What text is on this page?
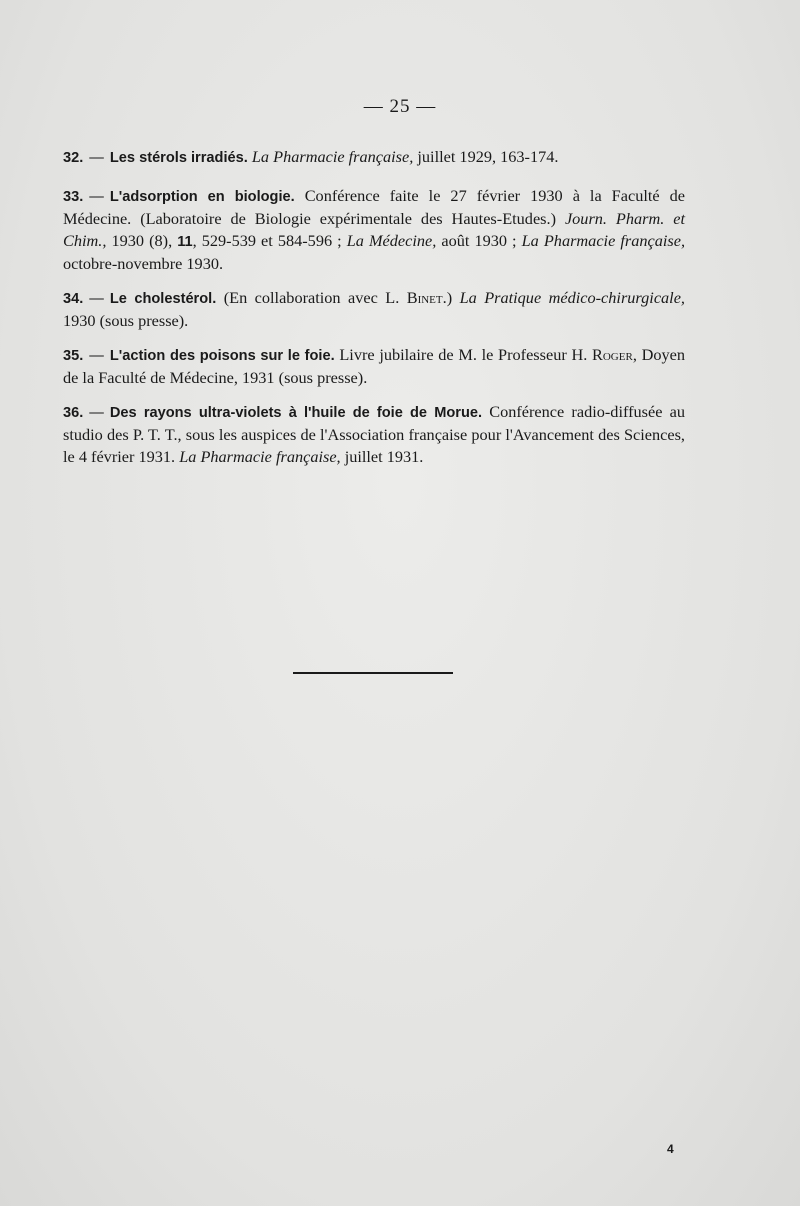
— 25 —

32. — Les stérols irradiés. La Pharmacie française, juillet 1929, 163-174.

33. — L'adsorption en biologie. Conférence faite le 27 février 1930 à la Faculté de Médecine. (Laboratoire de Biologie expérimentale des Hautes-Etudes.) Journ. Pharm. et Chim., 1930 (8), 11, 529-539 et 584-596 ; La Médecine, août 1930 ; La Pharmacie française, octobre-novembre 1930.

34. — Le cholestérol. (En collaboration avec L. Binet.) La Pratique médico-chirurgicale, 1930 (sous presse).

35. — L'action des poisons sur le foie. Livre jubilaire de M. le Professeur H. Roger, Doyen de la Faculté de Médecine, 1931 (sous presse).

36. — Des rayons ultra-violets à l'huile de foie de Morue. Conférence radio-diffusée au studio des P. T. T., sous les auspices de l'Association française pour l'Avancement des Sciences, le 4 février 1931. La Pharmacie française, juillet 1931.

4
